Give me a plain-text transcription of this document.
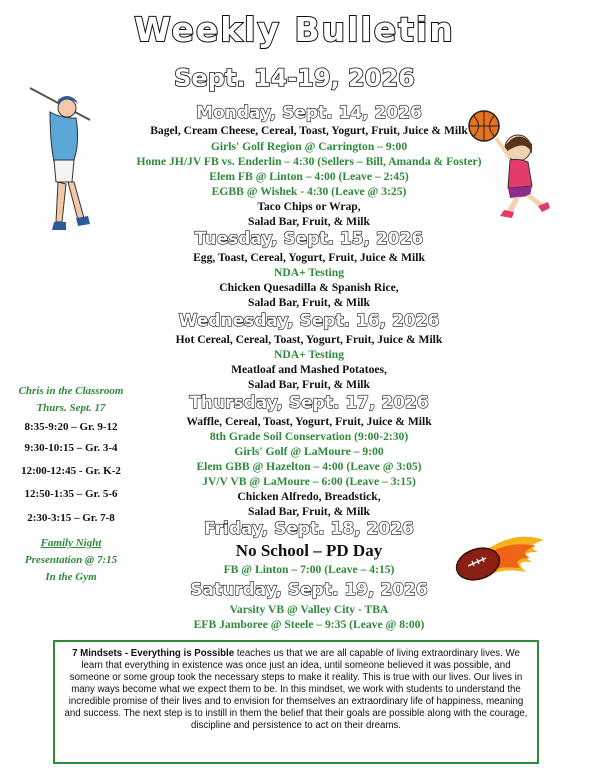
Weekly Bulletin
Sept. 14-19, 2026
Monday, Sept. 14, 2026
Bagel, Cream Cheese, Cereal, Toast, Yogurt, Fruit, Juice & Milk
Girls' Golf Region @ Carrington – 9:00
Home JH/JV FB vs. Enderlin – 4:30 (Sellers – Bill, Amanda & Foster)
Elem FB @ Linton – 4:00 (Leave – 2:45)
EGBB @ Wishek - 4:30 (Leave @ 3:25)
Taco Chips or Wrap,
Salad Bar, Fruit, & Milk
Tuesday, Sept. 15, 2026
Egg, Toast, Cereal, Yogurt, Fruit, Juice & Milk
NDA+ Testing
Chicken Quesadilla & Spanish Rice,
Salad Bar, Fruit, & Milk
Wednesday, Sept. 16, 2026
Hot Cereal, Cereal, Toast, Yogurt, Fruit, Juice & Milk
NDA+ Testing
Meatloaf and Mashed Potatoes,
Salad Bar, Fruit, & Milk
Thursday, Sept. 17, 2026
Waffle, Cereal, Toast, Yogurt, Fruit, Juice & Milk
8th Grade Soil Conservation (9:00-2:30)
Girls' Golf @ LaMoure – 9:00
Elem GBB @ Hazelton – 4:00 (Leave @ 3:05)
JV/V VB @ LaMoure – 6:00 (Leave – 3:15)
Chicken Alfredo, Breadstick,
Salad Bar, Fruit, & Milk
Friday, Sept. 18, 2026
No School – PD Day
FB @ Linton – 7:00 (Leave – 4:15)
Saturday, Sept. 19, 2026
Varsity VB @ Valley City - TBA
EFB Jamboree @ Steele – 9:35 (Leave @ 8:00)
Chris in the Classroom
Thurs. Sept. 17
8:35-9:20 – Gr. 9-12
9:30-10:15 – Gr. 3-4
12:00-12:45 - Gr. K-2
12:50-1:35 – Gr. 5-6
2:30-3:15 – Gr. 7-8
Family Night
Presentation @ 7:15
In the Gym
7 Mindsets - Everything is Possible teaches us that we are all capable of living extraordinary lives. We learn that everything in existence was once just an idea, until someone believed it was possible, and someone or some group took the necessary steps to make it reality. This is true with our lives. Our lives in many ways become what we expect them to be. In this mindset, we work with students to understand the incredible promise of their lives and to envision for themselves an extraordinary life of happiness, meaning and success. The next step is to instill in them the belief that their goals are possible along with the courage, discipline and persistence to act on their dreams.
